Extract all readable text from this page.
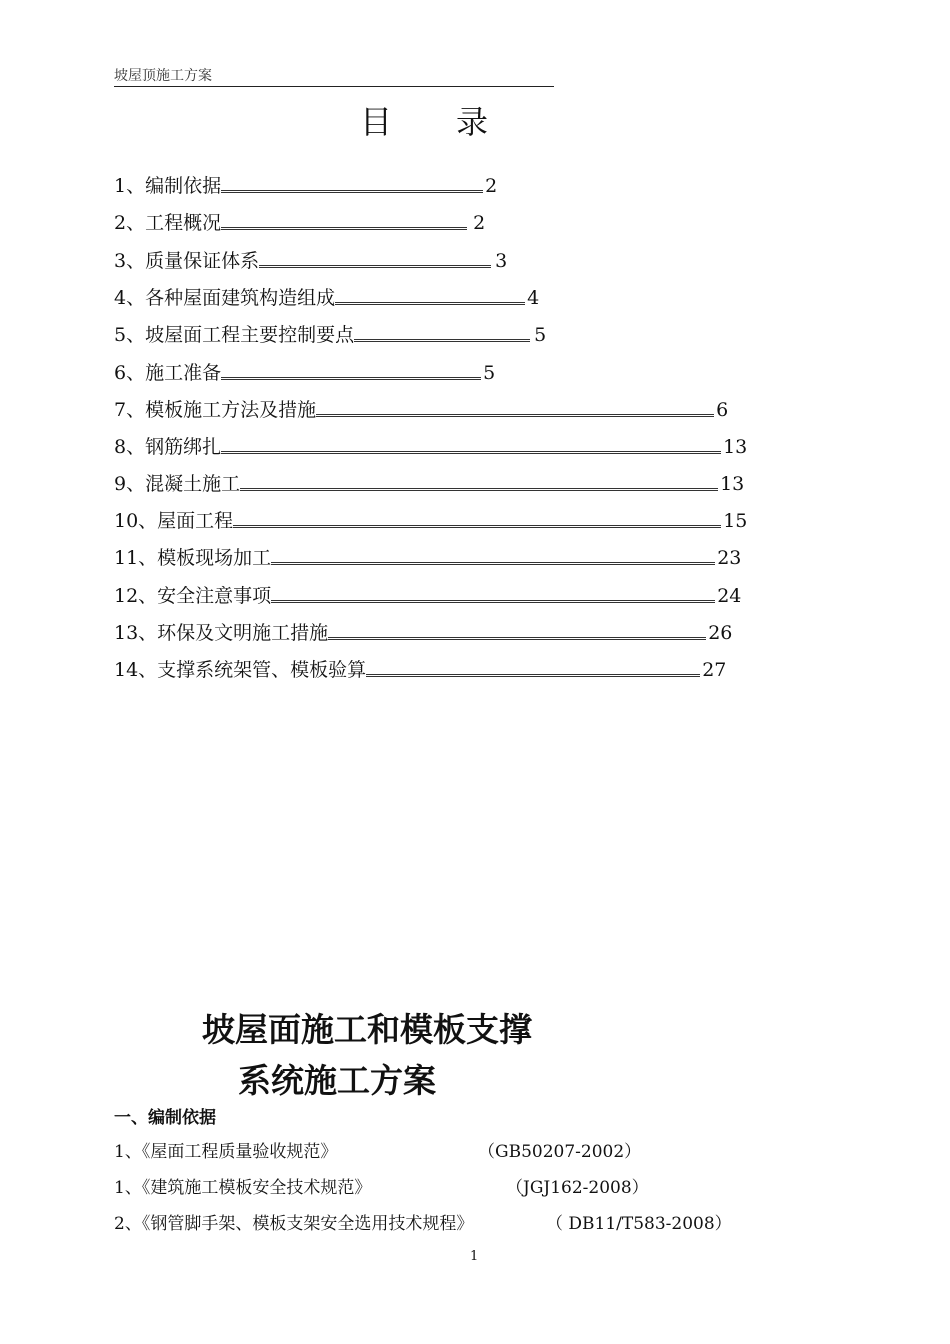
坡屋顶施工方案
目录
1、编制依据	2
2、工程概况	2
3、质量保证体系	3
4、各种屋面建筑构造组成	4
5、坡屋面工程主要控制要点	5
6、施工准备	5
7、模板施工方法及措施	6
8、钢筋绑扎	13
9、混凝土施工	13
10、屋面工程	15
11、模板现场加工	23
12、安全注意事项	24
13、环保及文明施工措施	26
14、支撑系统架管、模板验算	27
坡屋面施工和模板支撑
系统施工方案
一、编制依据
1、《屋面工程质量验收规范》	（GB50207-2002）
1、《建筑施工模板安全技术规范》	（JGJ162-2008）
2、《钢管脚手架、模板支架安全选用技术规程》	（ DB11/T583-2008）
1
